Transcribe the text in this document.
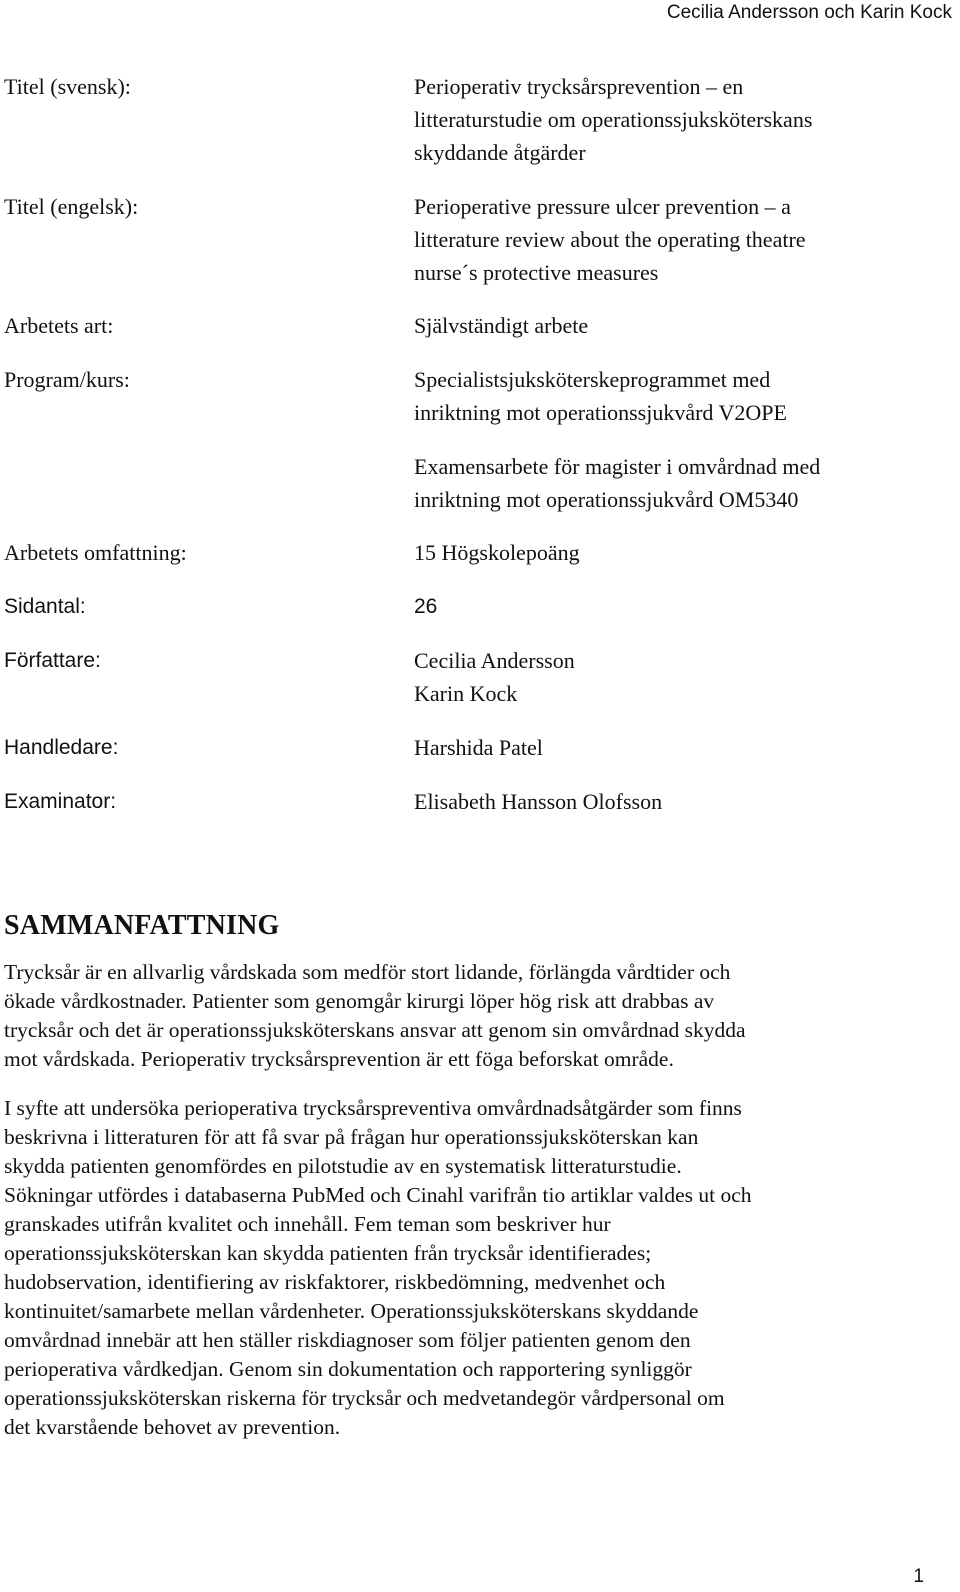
Cecilia Andersson och Karin Kock
Titel (svensk):	Perioperativ trycksårsprevention – en
litteraturstudie om operationssjuksköterskans
skyddande åtgärder
Titel (engelsk):	Perioperative pressure ulcer prevention – a
litterature review about the operating theatre
nurse´s protective measures
Arbetets art:	Självständigt arbete
Program/kurs:	Specialistsjuksköterskeprogrammet med
inriktning mot operationssjukvård V2OPE
Examensarbete för magister i omvårdnad med
inriktning mot operationssjukvård OM5340
Arbetets omfattning:	15 Högskolepoäng
Sidantal:	26
Författare:	Cecilia Andersson
Karin Kock
Handledare:	Harshida Patel
Examinator:	Elisabeth Hansson Olofsson
SAMMANFATTNING
Trycksår är en allvarlig vårdskada som medför stort lidande, förlängda vårdtider och
ökade vårdkostnader. Patienter som genomgår kirurgi löper hög risk att drabbas av
trycksår och det är operationssjuksköterskans ansvar att genom sin omvårdnad skydda
mot vårdskada. Perioperativ trycksårsprevention är ett föga beforskat område.
I syfte att undersöka perioperativa trycksårspreventiva omvårdnadsåtgärder som finns
beskrivna i litteraturen för att få svar på frågan hur operationssjuksköterskan kan
skydda patienten genomfördes en pilotstudie av en systematisk litteraturstudie.
Sökningar utfördes i databaserna PubMed och Cinahl varifrån tio artiklar valdes ut och
granskades utifrån kvalitet och innehåll. Fem teman som beskriver hur
operationssjuksköterskan kan skydda patienten från trycksår identifierades;
hudobservation, identifiering av riskfaktorer, riskbedömning, medvenhet och
kontinuitet/samarbete mellan vårdenheter. Operationssjuksköterskans skyddande
omvårdnad innebär att hen ställer riskdiagnoser som följer patienten genom den
perioperativa vårdkedjan. Genom sin dokumentation och rapportering synliggör
operationssjuksköterskan riskerna för trycksår och medvetandegör vårdpersonal om
det kvarstående behovet av prevention.
1
